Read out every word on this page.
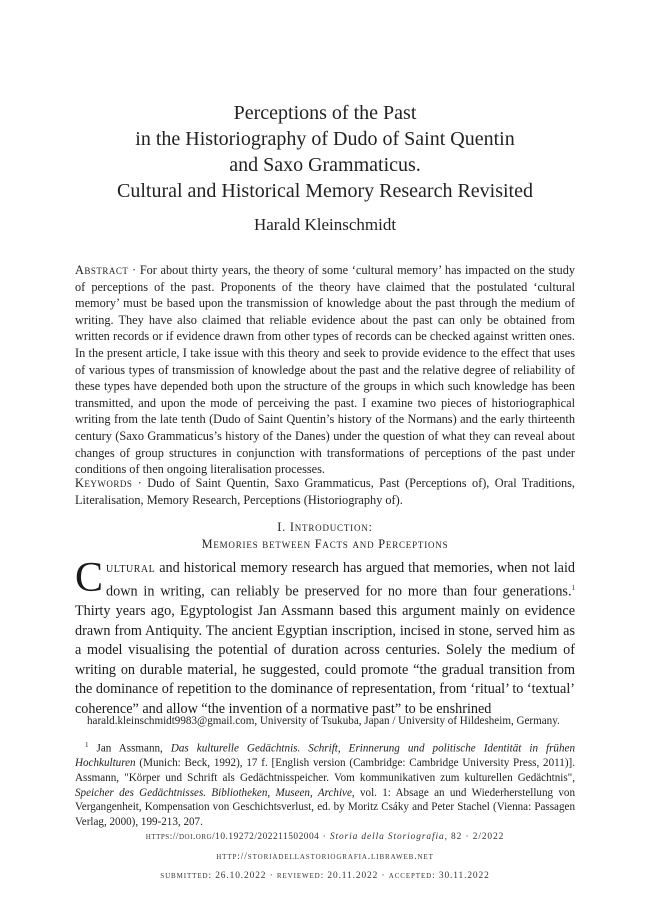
Perceptions of the Past
in the Historiography of Dudo of Saint Quentin
and Saxo Grammaticus.
Cultural and Historical Memory Research Revisited
Harald Kleinschmidt
Abstract · For about thirty years, the theory of some ‘cultural memory’ has impacted on the study of perceptions of the past. Proponents of the theory have claimed that the postulated ‘cultural memory’ must be based upon the transmission of knowledge about the past through the medium of writing. They have also claimed that reliable evidence about the past can only be obtained from written records or if evidence drawn from other types of records can be checked against written ones. In the present article, I take issue with this theory and seek to provide evidence to the effect that uses of various types of transmission of knowledge about the past and the relative degree of reliability of these types have depended both upon the structure of the groups in which such knowledge has been transmitted, and upon the mode of perceiving the past. I examine two pieces of historiographical writing from the late tenth (Dudo of Saint Quentin’s history of the Normans) and the early thirteenth century (Saxo Grammaticus’s history of the Danes) under the question of what they can reveal about changes of group structures in conjunction with transformations of perceptions of the past under conditions of then ongoing literalisation processes.
Keywords · Dudo of Saint Quentin, Saxo Grammaticus, Past (Perceptions of), Oral Traditions, Literalisation, Memory Research, Perceptions (Historiography of).
I. Introduction:
Memories between Facts and Perceptions
Cultural and historical memory research has argued that memories, when not laid down in writing, can reliably be preserved for no more than four generations.$^1$ Thirty years ago, Egyptologist Jan Assmann based this argument mainly on evidence drawn from Antiquity. The ancient Egyptian inscription, incised in stone, served him as a model visualising the potential of duration across centuries. Solely the medium of writing on durable material, he suggested, could promote “the gradual transition from the dominance of repetition to the dominance of representation, from ‘ritual’ to ‘textual’ coherence” and allow “the invention of a normative past” to be enshrined

harald.kleinschmidt9983@gmail.com, University of Tsukuba, Japan / University of Hildesheim, Germany.

$^1$ Jan Assmann, Das kulturelle Gedächtnis. Schrift, Erinnerung und politische Identität in frühen Hochkulturen (Munich: Beck, 1992), 17 f. [English version (Cambridge: Cambridge University Press, 2011)]. Assmann, "Körper und Schrift als Gedächtnisspeicher. Vom kommunikativen zum kulturellen Gedächtnis", Speicher des Gedächtnisses. Bibliotheken, Museen, Archive, vol. 1: Absage an und Wiederherstellung von Vergangenheit, Kompensation von Geschichtsverlust, ed. by Moritz Csáky and Peter Stachel (Vienna: Passagen Verlag, 2000), 199-213, 207.

https://doi.org/10.19272/202211502004 · Storia della Storiografia, 82 · 2/2022
http://storiadellastoriografia.libraweb.net
submitted: 26.10.2022 · reviewed: 20.11.2022 · accepted: 30.11.2022
